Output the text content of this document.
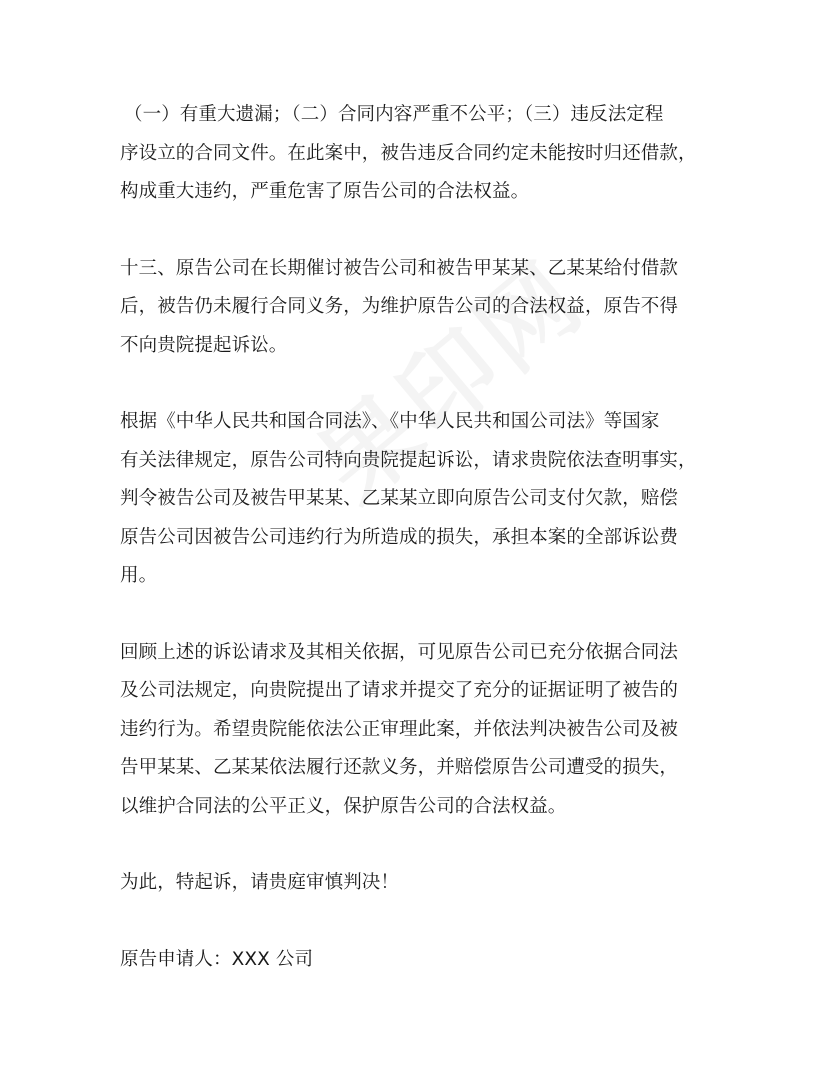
（一）有重大遗漏；（二）合同内容严重不公平；（三）违反法定程
序设立的合同文件。在此案中，被告违反合同约定未能按时归还借款，
构成重大违约，严重危害了原告公司的合法权益。

十三、原告公司在长期催讨被告公司和被告甲某某、乙某某给付借款
后，被告仍未履行合同义务，为维护原告公司的合法权益，原告不得
不向贵院提起诉讼。

根据《中华人民共和国合同法》、《中华人民共和国公司法》等国家
有关法律规定，原告公司特向贵院提起诉讼，请求贵院依法查明事实，
判令被告公司及被告甲某某、乙某某立即向原告公司支付欠款，赔偿
原告公司因被告公司违约行为所造成的损失，承担本案的全部诉讼费
用。

回顾上述的诉讼请求及其相关依据，可见原告公司已充分依据合同法
及公司法规定，向贵院提出了请求并提交了充分的证据证明了被告的
违约行为。希望贵院能依法公正审理此案，并依法判决被告公司及被
告甲某某、乙某某依法履行还款义务，并赔偿原告公司遭受的损失，
以维护合同法的公平正义，保护原告公司的合法权益。

为此，特起诉，请贵庭审慎判决！

原告申请人：XXX 公司
